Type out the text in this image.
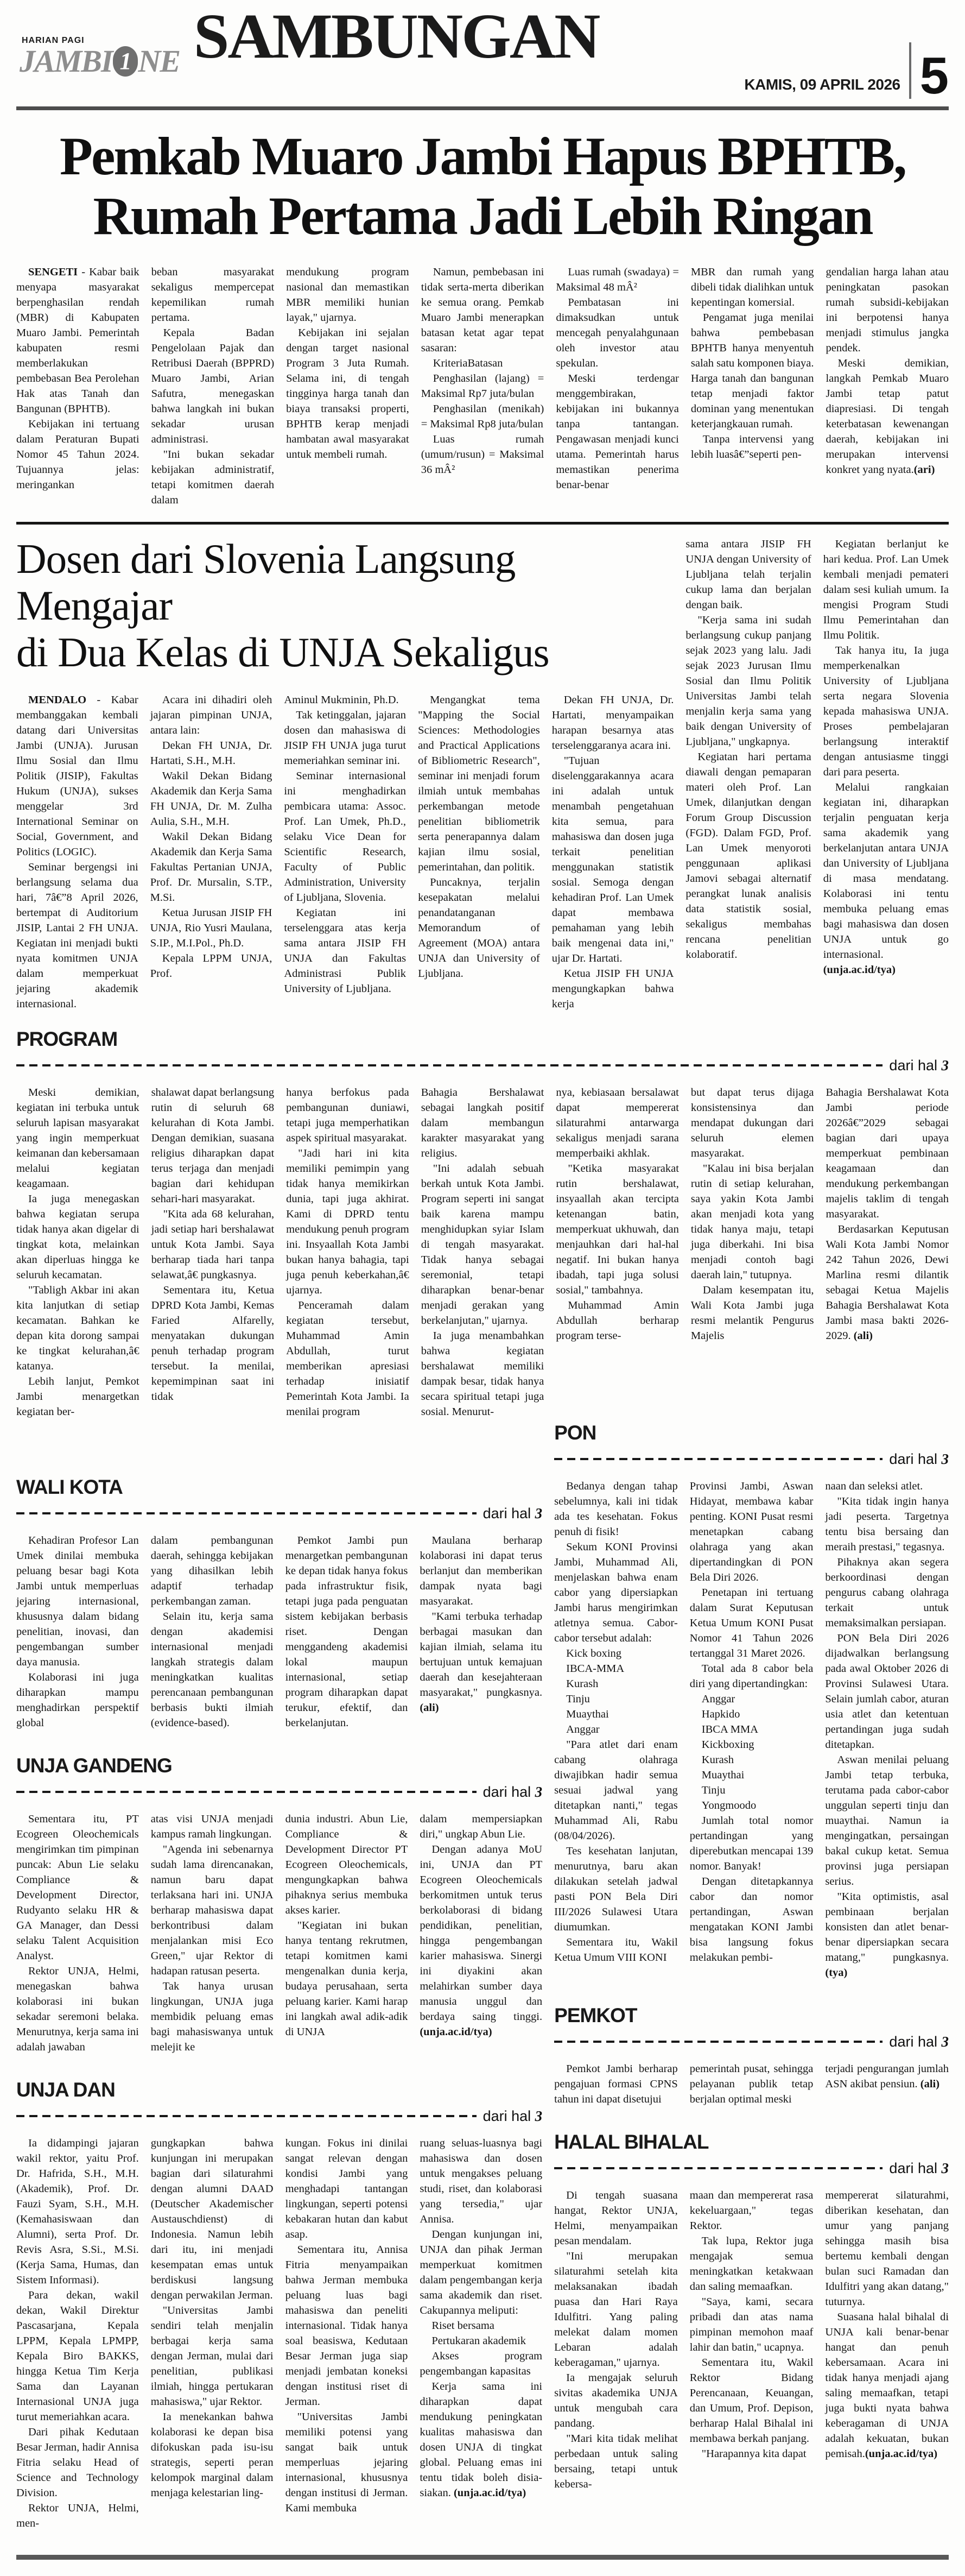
HARIAN PAGI
JAMBI 1 NE SAMBUNGAN
KAMIS, 09 APRIL 2026 5
Pemkab Muaro Jambi Hapus BPHTB,
Rumah Pertama Jadi Lebih Ringan

SENGETI - Kabar baik menyapa masyarakat berpenghasilan rendah (MBR) di Kabupaten Muaro Jambi. Pemerintah kabupaten resmi memberlakukan pembebasan Bea Perolehan Hak atas Tanah dan Bangunan (BPHTB).

Kebijakan ini tertuang dalam Peraturan Bupati Nomor 45 Tahun 2024. Tujuannya jelas: meringankan

beban masyarakat sekaligus mempercepat kepemilikan rumah pertama.

Kepala Badan Pengelolaan Pajak dan Retribusi Daerah (BPPRD) Muaro Jambi, Arian Safutra, menegaskan bahwa langkah ini bukan sekadar urusan administrasi.

"Ini bukan sekadar kebijakan administratif, tetapi komitmen daerah dalam

mendukung program nasional dan memastikan MBR memiliki hunian layak," ujarnya.

Kebijakan ini sejalan dengan target nasional Program 3 Juta Rumah. Selama ini, di tengah tingginya harga tanah dan biaya transaksi properti, BPHTB kerap menjadi hambatan awal masyarakat untuk membeli rumah.

Namun, pembebasan ini tidak serta-merta diberikan ke semua orang. Pemkab Muaro Jambi menerapkan batasan ketat agar tepat sasaran:

KriteriaBatasan

Penghasilan (lajang) = Maksimal Rp7 juta/bulan

Penghasilan (menikah) = Maksimal Rp8 juta/bulan

Luas rumah (umum/rusun) = Maksimal 36 mÂ²

Luas rumah (swadaya) = Maksimal 48 mÂ²

Pembatasan ini dimaksudkan untuk mencegah penyalahgunaan oleh investor atau spekulan.

Meski terdengar menggembirakan, kebijakan ini bukannya tanpa tantangan. Pengawasan menjadi kunci utama. Pemerintah harus memastikan penerima benar-benar

MBR dan rumah yang dibeli tidak dialihkan untuk kepentingan komersial.

Pengamat juga menilai bahwa pembebasan BPHTB hanya menyentuh salah satu komponen biaya. Harga tanah dan bangunan tetap menjadi faktor dominan yang menentukan keterjangkauan rumah.

Tanpa intervensi yang lebih luasâ€”seperti pen-

gendalian harga lahan atau peningkatan pasokan rumah subsidi-kebijakan ini berpotensi hanya menjadi stimulus jangka pendek.

Meski demikian, langkah Pemkab Muaro Jambi tetap patut diapresiasi. Di tengah keterbatasan kewenangan daerah, kebijakan ini merupakan intervensi konkret yang nyata.(ari)

Dosen dari Slovenia Langsung Mengajar
di Dua Kelas di UNJA Sekaligus

MENDALO - Kabar membanggakan kembali datang dari Universitas Jambi (UNJA). Jurusan Ilmu Sosial dan Ilmu Politik (JISIP), Fakultas Hukum (UNJA), sukses menggelar 3rd International Seminar on Social, Government, and Politics (LOGIC).

Seminar bergengsi ini berlangsung selama dua hari, 7â€”8 April 2026, bertempat di Auditorium JISIP, Lantai 2 FH UNJA. Kegiatan ini menjadi bukti nyata komitmen UNJA dalam memperkuat jejaring akademik internasional.

Acara ini dihadiri oleh jajaran pimpinan UNJA, antara lain:

Dekan FH UNJA, Dr. Hartati, S.H., M.H.

Wakil Dekan Bidang Akademik dan Kerja Sama FH UNJA, Dr. M. Zulha Aulia, S.H., M.H.

Wakil Dekan Bidang Akademik dan Kerja Sama Fakultas Pertanian UNJA, Prof. Dr. Mursalin, S.TP., M.Si.

Ketua Jurusan JISIP FH UNJA, Rio Yusri Maulana, S.IP., M.I.Pol., Ph.D.

Kepala LPPM UNJA, Prof.

Aminul Mukminin, Ph.D.

Tak ketinggalan, jajaran dosen dan mahasiswa di JISIP FH UNJA juga turut memeriahkan seminar ini.

Seminar internasional ini menghadirkan pembicara utama: Assoc. Prof. Lan Umek, Ph.D., selaku Vice Dean for Scientific Research, Faculty of Public Administration, University of Ljubljana, Slovenia.

Kegiatan ini terselenggara atas kerja sama antara JISIP FH UNJA dan Fakultas Administrasi Publik University of Ljubljana.

Mengangkat tema "Mapping the Social Sciences: Methodologies and Practical Applications of Bibliometric Research", seminar ini menjadi forum ilmiah untuk membahas perkembangan metode penelitian bibliometrik serta penerapannya dalam kajian ilmu sosial, pemerintahan, dan politik.

Puncaknya, terjalin kesepakatan melalui penandatanganan Memorandum of Agreement (MOA) antara UNJA dan University of Ljubljana.

Dekan FH UNJA, Dr. Hartati, menyampaikan harapan besarnya atas terselenggaranya acara ini.

"Tujuan diselenggarakannya acara ini adalah untuk menambah pengetahuan kita semua, para mahasiswa dan dosen juga terkait penelitian menggunakan statistik sosial. Semoga dengan kehadiran Prof. Lan Umek dapat membawa pemahaman yang lebih baik mengenai data ini," ujar Dr. Hartati.

Ketua JISIP FH UNJA mengungkapkan bahwa kerja

sama antara JISIP FH UNJA dengan University of Ljubljana telah terjalin cukup lama dan berjalan dengan baik.

"Kerja sama ini sudah berlangsung cukup panjang sejak 2023 yang lalu. Jadi sejak 2023 Jurusan Ilmu Sosial dan Ilmu Politik Universitas Jambi telah menjalin kerja sama yang baik dengan University of Ljubljana," ungkapnya.

Kegiatan hari pertama diawali dengan pemaparan materi oleh Prof. Lan Umek, dilanjutkan dengan Forum Group Discussion (FGD). Dalam FGD, Prof. Lan Umek menyoroti penggunaan aplikasi Jamovi sebagai alternatif perangkat lunak analisis data statistik sosial, sekaligus membahas rencana penelitian kolaboratif.

Kegiatan berlanjut ke hari kedua. Prof. Lan Umek kembali menjadi pemateri dalam sesi kuliah umum. Ia mengisi Program Studi Ilmu Pemerintahan dan Ilmu Politik.

Tak hanya itu, Ia juga memperkenalkan University of Ljubljana serta negara Slovenia kepada mahasiswa UNJA. Proses pembelajaran berlangsung interaktif dengan antusiasme tinggi dari para peserta.

Melalui rangkaian kegiatan ini, diharapkan terjalin penguatan kerja sama akademik yang berkelanjutan antara UNJA dan University of Ljubljana di masa mendatang. Kolaborasi ini tentu membuka peluang emas bagi mahasiswa dan dosen UNJA untuk go internasional.(unja.ac.id/tya)

PROGRAM
dari hal 3

Meski demikian, kegiatan ini terbuka untuk seluruh lapisan masyarakat yang ingin memperkuat keimanan dan kebersamaan melalui kegiatan keagamaan.

Ia juga menegaskan bahwa kegiatan serupa tidak hanya akan digelar di tingkat kota, melainkan akan diperluas hingga ke seluruh kecamatan.

"Tabligh Akbar ini akan kita lanjutkan di setiap kecamatan. Bahkan ke depan kita dorong sampai ke tingkat kelurahan,â€ katanya.

Lebih lanjut, Pemkot Jambi menargetkan kegiatan ber-

shalawat dapat berlangsung rutin di seluruh 68 kelurahan di Kota Jambi. Dengan demikian, suasana religius diharapkan dapat terus terjaga dan menjadi bagian dari kehidupan sehari-hari masyarakat.

"Kita ada 68 kelurahan, jadi setiap hari bershalawat untuk Kota Jambi. Saya berharap tiada hari tanpa selawat,â€ pungkasnya.

Sementara itu, Ketua DPRD Kota Jambi, Kemas Faried Alfarelly, menyatakan dukungan penuh terhadap program tersebut. Ia menilai, kepemimpinan saat ini tidak

hanya berfokus pada pembangunan duniawi, tetapi juga memperhatikan aspek spiritual masyarakat.

"Jadi hari ini kita memiliki pemimpin yang tidak hanya memikirkan dunia, tapi juga akhirat. Kami di DPRD tentu mendukung penuh program ini. Insyaallah Kota Jambi bukan hanya bahagia, tapi juga penuh keberkahan,â€ ujarnya.

Penceramah dalam kegiatan tersebut, Muhammad Amin Abdullah, turut memberikan apresiasi terhadap inisiatif Pemerintah Kota Jambi. Ia menilai program

Bahagia Bershalawat sebagai langkah positif dalam membangun karakter masyarakat yang religius.

"Ini adalah sebuah berkah untuk Kota Jambi. Program seperti ini sangat baik karena mampu menghidupkan syiar Islam di tengah masyarakat. Tidak hanya sebagai seremonial, tetapi diharapkan benar-benar menjadi gerakan yang berkelanjutan," ujarnya.

Ia juga menambahkan bahwa kegiatan bershalawat memiliki dampak besar, tidak hanya secara spiritual tetapi juga sosial. Menurut-

nya, kebiasaan bersalawat dapat mempererat silaturahmi antarwarga sekaligus menjadi sarana memperbaiki akhlak.

"Ketika masyarakat rutin bershalawat, insyaallah akan tercipta ketenangan batin, memperkuat ukhuwah, dan menjauhkan dari hal-hal negatif. Ini bukan hanya ibadah, tapi juga solusi sosial," tambahnya.

Muhammad Amin Abdullah berharap program terse-

but dapat terus dijaga konsistensinya dan mendapat dukungan dari seluruh elemen masyarakat.

"Kalau ini bisa berjalan rutin di setiap kelurahan, saya yakin Kota Jambi akan menjadi kota yang tidak hanya maju, tetapi juga diberkahi. Ini bisa menjadi contoh bagi daerah lain," tutupnya.

Dalam kesempatan itu, Wali Kota Jambi juga resmi melantik Pengurus Majelis

Bahagia Bershalawat Kota Jambi periode 2026â€”2029 sebagai bagian dari upaya memperkuat pembinaan keagamaan dan mendukung perkembangan majelis taklim di tengah masyarakat.

Berdasarkan Keputusan Wali Kota Jambi Nomor 242 Tahun 2026, Dewi Marlina resmi dilantik sebagai Ketua Majelis Bahagia Bershalawat Kota Jambi masa bakti 2026-2029. (ali)

WALI KOTA
dari hal 3

Kehadiran Profesor Lan Umek dinilai membuka peluang besar bagi Kota Jambi untuk memperluas jejaring internasional, khususnya dalam bidang penelitian, inovasi, dan pengembangan sumber daya manusia.

Kolaborasi ini juga diharapkan mampu menghadirkan perspektif global

dalam pembangunan daerah, sehingga kebijakan yang dihasilkan lebih adaptif terhadap perkembangan zaman.

Selain itu, kerja sama dengan akademisi internasional menjadi langkah strategis dalam meningkatkan kualitas perencanaan pembangunan berbasis bukti ilmiah (evidence-based).

Pemkot Jambi pun menargetkan pembangunan ke depan tidak hanya fokus pada infrastruktur fisik, tetapi juga pada penguatan sistem kebijakan berbasis riset. Dengan menggandeng akademisi lokal maupun internasional, setiap program diharapkan dapat terukur, efektif, dan berkelanjutan.

Maulana berharap kolaborasi ini dapat terus berlanjut dan memberikan dampak nyata bagi masyarakat.

"Kami terbuka terhadap berbagai masukan dan kajian ilmiah, selama itu bertujuan untuk kemajuan daerah dan kesejahteraan masyarakat," pungkasnya. (ali)

UNJA GANDENG
dari hal 3

Sementara itu, PT Ecogreen Oleochemicals mengirimkan tim pimpinan puncak: Abun Lie selaku Compliance & Development Director, Rudyanto selaku HR & GA Manager, dan Dessi selaku Talent Acquisition Analyst.

Rektor UNJA, Helmi, menegaskan bahwa kolaborasi ini bukan sekadar seremoni belaka. Menurutnya, kerja sama ini adalah jawaban

atas visi UNJA menjadi kampus ramah lingkungan.

"Agenda ini sebenarnya sudah lama direncanakan, namun baru dapat terlaksana hari ini. UNJA berharap mahasiswa dapat berkontribusi dalam menjalankan misi Eco Green," ujar Rektor di hadapan ratusan peserta.

Tak hanya urusan lingkungan, UNJA juga membidik peluang emas bagi mahasiswanya untuk melejit ke

dunia industri. Abun Lie, Compliance & Development Director PT Ecogreen Oleochemicals, mengungkapkan bahwa pihaknya serius membuka akses karier.

"Kegiatan ini bukan hanya tentang rekrutmen, tetapi komitmen kami mengenalkan dunia kerja, budaya perusahaan, serta peluang karier. Kami harap ini langkah awal adik-adik di UNJA

dalam mempersiapkan diri," ungkap Abun Lie.

Dengan adanya MoU ini, UNJA dan PT Ecogreen Oleochemicals berkomitmen untuk terus berkolaborasi di bidang pendidikan, penelitian, hingga pengembangan karier mahasiswa. Sinergi ini diyakini akan melahirkan sumber daya manusia unggul dan berdaya saing tinggi.(unja.ac.id/tya)

UNJA DAN
dari hal 3

Ia didampingi jajaran wakil rektor, yaitu Prof. Dr. Hafrida, S.H., M.H. (Akademik), Prof. Dr. Fauzi Syam, S.H., M.H. (Kemahasiswaan dan Alumni), serta Prof. Dr. Revis Asra, S.Si., M.Si. (Kerja Sama, Humas, dan Sistem Informasi).

Para dekan, wakil dekan, Wakil Direktur Pascasarjana, Kepala LPPM, Kepala LPMPP, Kepala Biro BAKKS, hingga Ketua Tim Kerja Sama dan Layanan Internasional UNJA juga turut memeriahkan acara.

Dari pihak Kedutaan Besar Jerman, hadir Annisa Fitria selaku Head of Science and Technology Division.

Rektor UNJA, Helmi, men-

gungkapkan bahwa kunjungan ini merupakan bagian dari silaturahmi dengan alumni DAAD (Deutscher Akademischer Austauschdienst) di Indonesia. Namun lebih dari itu, ini menjadi kesempatan emas untuk berdiskusi langsung dengan perwakilan Jerman.

"Universitas Jambi sendiri telah menjalin berbagai kerja sama dengan Jerman, mulai dari penelitian, publikasi ilmiah, hingga pertukaran mahasiswa," ujar Rektor.

Ia menekankan bahwa kolaborasi ke depan bisa difokuskan pada isu-isu strategis, seperti peran kelompok marginal dalam menjaga kelestarian ling-

kungan. Fokus ini dinilai sangat relevan dengan kondisi Jambi yang menghadapi tantangan lingkungan, seperti potensi kebakaran hutan dan kabut asap.

Sementara itu, Annisa Fitria menyampaikan bahwa Jerman membuka peluang luas bagi mahasiswa dan peneliti internasional. Tidak hanya soal beasiswa, Kedutaan Besar Jerman juga siap menjadi jembatan koneksi dengan institusi riset di Jerman.

"Universitas Jambi memiliki potensi yang sangat baik untuk memperluas jejaring internasional, khususnya dengan institusi di Jerman. Kami membuka

ruang seluas-luasnya bagi mahasiswa dan dosen untuk mengakses peluang studi, riset, dan kolaborasi yang tersedia," ujar Annisa.

Dengan kunjungan ini, UNJA dan pihak Jerman memperkuat komitmen dalam pengembangan kerja sama akademik dan riset. Cakupannya meliputi:

Riset bersama

Pertukaran akademik

Akses program pengembangan kapasitas

Kerja sama ini diharapkan dapat mendukung peningkatan kualitas mahasiswa dan dosen UNJA di tingkat global. Peluang emas ini tentu tidak boleh disia-siakan. (unja.ac.id/tya)

PON
dari hal 3

Bedanya dengan tahap sebelumnya, kali ini tidak ada tes kesehatan. Fokus penuh di fisik!

Sekum KONI Provinsi Jambi, Muhammad Ali, menjelaskan bahwa enam cabor yang dipersiapkan Jambi harus mengirimkan atletnya semua. Cabor-cabor tersebut adalah:

Kick boxing

IBCA-MMA

Kurash

Tinju

Muaythai

Anggar

"Para atlet dari enam cabang olahraga diwajibkan hadir semua sesuai jadwal yang ditetapkan nanti," tegas Muhammad Ali, Rabu (08/04/2026).

Tes kesehatan lanjutan, menurutnya, baru akan dilakukan setelah jadwal pasti PON Bela Diri III/2026 Sulawesi Utara diumumkan.

Sementara itu, Wakil Ketua Umum VIII KONI

Provinsi Jambi, Aswan Hidayat, membawa kabar penting. KONI Pusat resmi menetapkan cabang olahraga yang akan dipertandingkan di PON Bela Diri 2026.

Penetapan ini tertuang dalam Surat Keputusan Ketua Umum KONI Pusat Nomor 41 Tahun 2026 tertanggal 31 Maret 2026.

Total ada 8 cabor bela diri yang dipertandingkan:

Anggar

Hapkido

IBCA MMA

Kickboxing

Kurash

Muaythai

Tinju

Yongmoodo

Jumlah total nomor pertandingan yang diperebutkan mencapai 139 nomor. Banyak!

Dengan ditetapkannya cabor dan nomor pertandingan, Aswan mengatakan KONI Jambi bisa langsung fokus melakukan pembi-

naan dan seleksi atlet.

"Kita tidak ingin hanya jadi peserta. Targetnya tentu bisa bersaing dan meraih prestasi," tegasnya.

Pihaknya akan segera berkoordinasi dengan pengurus cabang olahraga terkait untuk memaksimalkan persiapan.

PON Bela Diri 2026 dijadwalkan berlangsung pada awal Oktober 2026 di Provinsi Sulawesi Utara. Selain jumlah cabor, aturan usia atlet dan ketentuan pertandingan juga sudah ditetapkan.

Aswan menilai peluang Jambi tetap terbuka, terutama pada cabor-cabor unggulan seperti tinju dan muaythai. Namun ia mengingatkan, persaingan bakal cukup ketat. Semua provinsi juga persiapan serius.

"Kita optimistis, asal pembinaan berjalan konsisten dan atlet benar-benar dipersiapkan secara matang," pungkasnya. (tya)

PEMKOT
dari hal 3

Pemkot Jambi berharap pengajuan formasi CPNS tahun ini dapat disetujui

pemerintah pusat, sehingga pelayanan publik tetap berjalan optimal meski

terjadi pengurangan jumlah ASN akibat pensiun. (ali)

HALAL BIHALAL
dari hal 3

Di tengah suasana hangat, Rektor UNJA, Helmi, menyampaikan pesan mendalam.

"Ini merupakan silaturahmi setelah kita melaksanakan ibadah puasa dan Hari Raya Idulfitri. Yang paling melekat dalam momen Lebaran adalah keberagaman," ujarnya.

Ia mengajak seluruh sivitas akademika UNJA untuk mengubah cara pandang.

"Mari kita tidak melihat perbedaan untuk saling bersaing, tetapi untuk kebersa-

maan dan mempererat rasa kekeluargaan," tegas Rektor.

Tak lupa, Rektor juga mengajak semua meningkatkan ketakwaan dan saling memaafkan.

"Saya, kami, secara pribadi dan atas nama pimpinan memohon maaf lahir dan batin," ucapnya.

Sementara itu, Wakil Rektor Bidang Perencanaan, Keuangan, dan Umum, Prof. Depison, berharap Halal Bihalal ini membawa berkah panjang.

"Harapannya kita dapat

mempererat silaturahmi, diberikan kesehatan, dan umur yang panjang sehingga masih bisa bertemu kembali dengan bulan suci Ramadan dan Idulfitri yang akan datang," tuturnya.

Suasana halal bihalal di UNJA kali benar-benar hangat dan penuh kebersamaan. Acara ini tidak hanya menjadi ajang saling memaafkan, tetapi juga bukti nyata bahwa keberagaman di UNJA adalah kekuatan, bukan pemisah.(unja.ac.id/tya)
